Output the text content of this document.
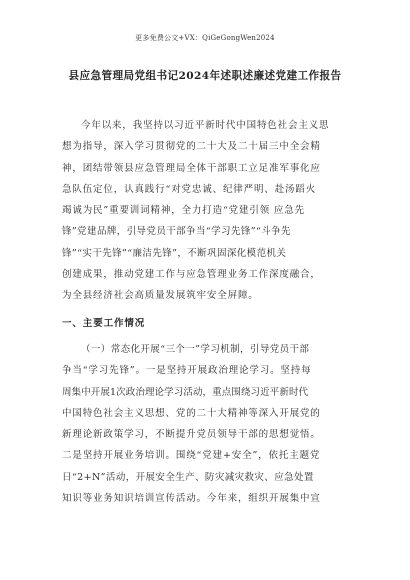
更多免费公文+VX：QiGeGongWen2024
县应急管理局党组书记2024年述职述廉述党建工作报告
今年以来，我坚持以习近平新时代中国特色社会主义思
想为指导，深入学习贯彻党的二十大及二十届三中全会精
神，团结带领县应急管理局全体干部职工立足准军事化应
急队伍定位，认真践行“对党忠诚、纪律严明、赴汤蹈火
竭诚为民”重要训词精神，全力打造“党建引领 应急先
锋”党建品牌，引导党员干部争当“学习先锋”“斗争先
锋”“实干先锋”“廉洁先锋”，不断巩固深化模范机关
创建成果，推动党建工作与应急管理业务工作深度融合，
为全县经济社会高质量发展筑牢安全屏障。
一、主要工作情况
（一）常态化开展“三个一”学习机制，引导党员干部
争当“学习先锋”。一是坚持开展政治理论学习。坚持每
周集中开展1次政治理论学习活动，重点围绕习近平新时代
中国特色社会主义思想、党的二十大精神等深入开展党的
新理论新政策学习，不断提升党员领导干部的思想觉悟。
二是坚持开展业务培训。围绕“党建+安全”，依托主题党
日“2+N”活动，开展安全生产、防灾减灾救灾、应急处置
知识等业务知识培训宣传活动。今年来，组织开展集中宣
